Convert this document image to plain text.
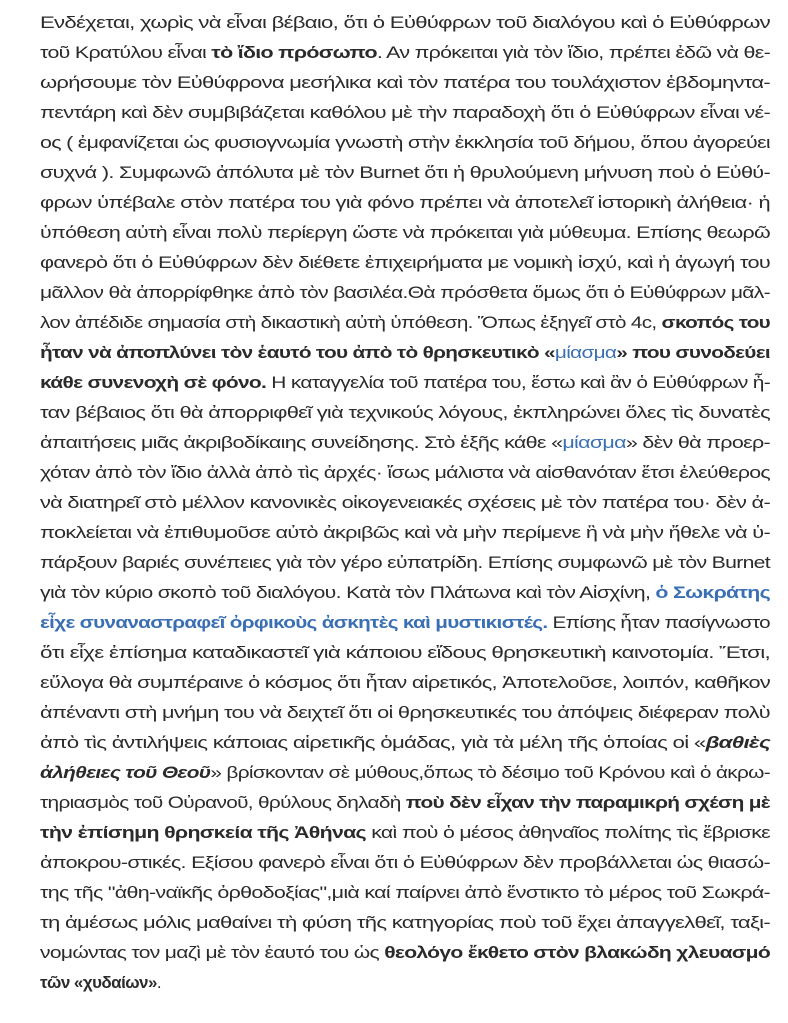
Ενδέχεται, χωρὶς νὰ εἶναι βέβαιο, ὅτι ὁ Εὐθύφρων τοῦ διαλόγου καὶ ὁ Εὐθύφρων
τοῦ Κρατύλου εἶναι τὸ ἴδιο πρόσωπο. Αν πρόκειται γιὰ τὸν ἴδιο, πρέπει ἐδῶ νὰ θε-
ωρήσουμε τὸν Εὐθύφρονα μεσήλικα καὶ τὸν πατέρα του τουλάχιστον ἑβδομηντα-
πεντάρη καὶ δὲν συμβιβάζεται καθόλου μὲ τὴν παραδοχὴ ὅτι ὁ Εὐθύφρων εἶναι νέ-
ος ( ἐμφανίζεται ὡς φυσιογνωμία γνωστὴ στὴν ἐκκλησία τοῦ δήμου, ὅπου ἀγορεύει
συχνά ). Συμφωνῶ ἀπόλυτα μὲ τὸν Burnet ὅτι ἡ θρυλούμενη μήνυση ποὺ ὁ Εὐθύ-
φρων ὑπέβαλε στὸν πατέρα του γιὰ φόνο πρέπει νὰ ἀποτελεῖ ἱστορικὴ ἀλήθεια· ἡ
ὑπόθεση αὐτὴ εἶναι πολὺ περίεργη ὥστε νὰ πρόκειται γιὰ μύθευμα. Επίσης θεωρῶ
φανερὸ ὅτι ὁ Εὐθύφρων δὲν διέθετε ἐπιχειρήματα με νομικὴ ἰσχύ, καὶ ἡ ἀγωγή του
μᾶλλον θὰ ἀπορρίφθηκε ἀπὸ τὸν βασιλέα.Θὰ πρόσθετα ὅμως ὅτι ὁ Εὐθύφρων μᾶλ-
λον ἀπέδιδε σημασία στὴ δικαστικὴ αὐτὴ ὑπόθεση. Ὅπως ἐξηγεῖ στὸ 4c, σκοπός του
ἦταν νὰ ἀποπλύνει τὸν ἑαυτό του ἀπὸ τὸ θρησκευτικὸ «μίασμα» που συνοδεύει
κάθε συνενοχὴ σὲ φόνο. Η καταγγελία τοῦ πατέρα του, ἔστω καὶ ἂν ὁ Εὐθύφρων ἦ-
ταν βέβαιος ὅτι θὰ ἀπορριφθεῖ γιὰ τεχνικούς λόγους, ἐκπληρώνει ὅλες τὶς δυνατὲς
ἀπαιτήσεις μιᾶς ἀκριβοδίκαιης συνείδησης. Στὸ ἑξῆς κάθε «μίασμα» δὲν θὰ προερ-
χόταν ἀπὸ τὸν ἴδιο ἀλλὰ ἀπὸ τὶς ἀρχές· ἴσως μάλιστα νὰ αἰσθανόταν ἔτσι ἐλεύθερος
νὰ διατηρεῖ στὸ μέλλον κανονικὲς οἰκογενειακές σχέσεις μὲ τὸν πατέρα του· δὲν ἀ-
ποκλείεται νὰ ἐπιθυμοῦσε αὐτὸ ἀκριβῶς καὶ νὰ μὴν περίμενε ἢ νὰ μὴν ἤθελε νὰ ὑ-
πάρξουν βαριές συνέπειες γιὰ τὸν γέρο εὐπατρίδη. Επίσης συμφωνῶ μὲ τὸν Burnet
γιὰ τὸν κύριο σκοπὸ τοῦ διαλόγου. Κατὰ τὸν Πλάτωνα καὶ τὸν Αἰσχίνη, ὁ Σωκράτης
εἶχε συναναστραφεῖ ὀρφικοὺς ἀσκητὲς καὶ μυστικιστές. Επίσης ἦταν πασίγνωστο
ὅτι εἶχε ἐπίσημα καταδικαστεῖ γιὰ κάποιου εἴδους θρησκευτικὴ καινοτομία. Ἔτσι,
εὔλογα θὰ συμπέραινε ὁ κόσμος ὅτι ἦταν αἱρετικός, Ἀποτελοῦσε, λοιπόν, καθῆκον
ἀπέναντι στὴ μνήμη του νὰ δειχτεῖ ὅτι οἱ θρησκευτικές του ἀπόψεις διέφεραν πολὺ
ἀπὸ τὶς ἀντιλήψεις κάποιας αἱρετικῆς ὁμάδας, γιὰ τὰ μέλη τῆς ὁποίας οἱ «βαθιὲς
ἀλήθειες τοῦ Θεοῦ» βρίσκονταν σὲ μύθους,ὅπως τὸ δέσιμο τοῦ Κρόνου καὶ ὁ ἀκρω-
τηριασμὸς τοῦ Οὐρανοῦ, θρύλους δηλαδὴ ποὺ δὲν εἶχαν τὴν παραμικρή σχέση μὲ
τὴν ἐπίσημη θρησκεία τῆς Ἀθήνας καὶ ποὺ ὁ μέσος ἀθηναῖος πολίτης τὶς ἔβρισκε
ἀποκρου-στικές. Εξίσου φανερὸ εἶναι ὅτι ὁ Εὐθύφρων δὲν προβάλλεται ὡς θιασώ-
της τῆς "ἀθη-ναϊκῆς ὀρθοδοξίας",μιὰ καί παίρνει ἀπὸ ἔνστικτο τὸ μέρος τοῦ Σωκρά-
τη ἀμέσως μόλις μαθαίνει τὴ φύση τῆς κατηγορίας ποὺ τοῦ ἔχει ἀπαγγελθεῖ, ταξι-
νομώντας τον μαζὶ μὲ τὸν ἑαυτό του ὡς θεολόγο ἔκθετο στὸν βλακώδη χλευασμό
τῶν «χυδαίων».
